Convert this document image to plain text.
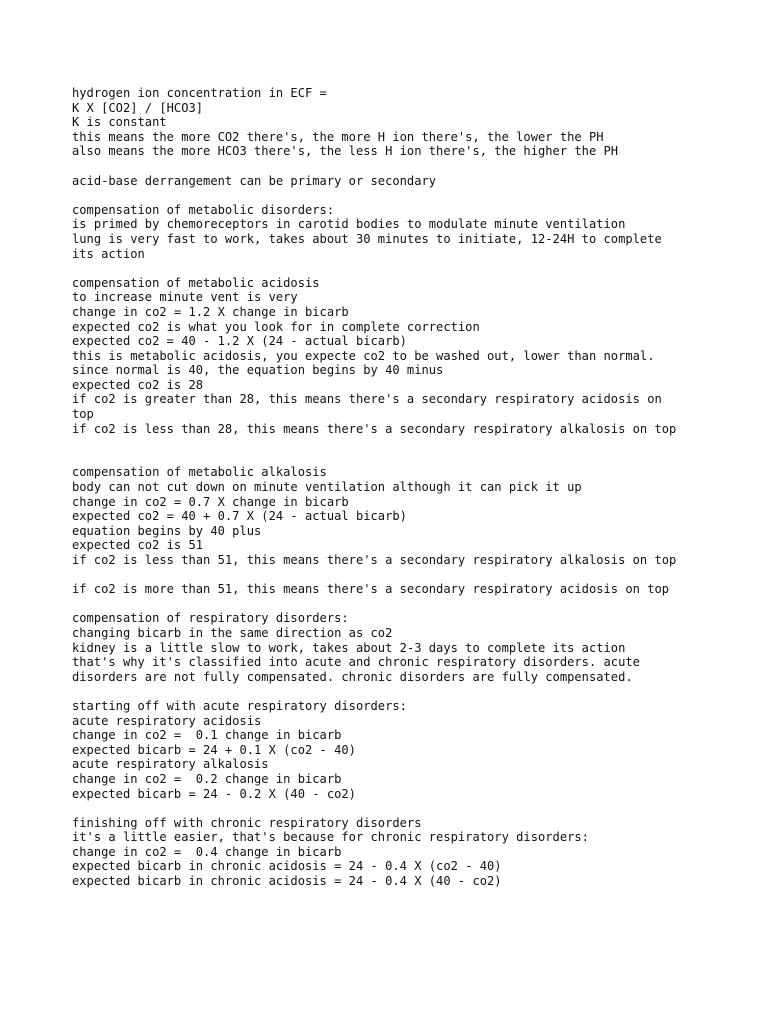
hydrogen ion concentration in ECF =
K X [CO2] / [HCO3]
K is constant
this means the more CO2 there's, the more H ion there's, the lower the PH
also means the more HCO3 there's, the less H ion there's, the higher the PH
acid-base derrangement can be primary or secondary
compensation of metabolic disorders:
is primed by chemoreceptors in carotid bodies to modulate minute ventilation
lung is very fast to work, takes about 30 minutes to initiate, 12-24H to complete
its action
compensation of metabolic acidosis
to increase minute vent is very
change in co2 = 1.2 X change in bicarb
expected co2 is what you look for in complete correction
expected co2 = 40 - 1.2 X (24 - actual bicarb)
this is metabolic acidosis, you expecte co2 to be washed out, lower than normal.
since normal is 40, the equation begins by 40 minus
expected co2 is 28
if co2 is greater than 28, this means there's a secondary respiratory acidosis on
top
if co2 is less than 28, this means there's a secondary respiratory alkalosis on top
compensation of metabolic alkalosis
body can not cut down on minute ventilation although it can pick it up
change in co2 = 0.7 X change in bicarb
expected co2 = 40 + 0.7 X (24 - actual bicarb)
equation begins by 40 plus
expected co2 is 51
if co2 is less than 51, this means there's a secondary respiratory alkalosis on top
if co2 is more than 51, this means there's a secondary respiratory acidosis on top
compensation of respiratory disorders:
changing bicarb in the same direction as co2
kidney is a little slow to work, takes about 2-3 days to complete its action
that's why it's classified into acute and chronic respiratory disorders. acute
disorders are not fully compensated. chronic disorders are fully compensated.
starting off with acute respiratory disorders:
acute respiratory acidosis
change in co2 =  0.1 change in bicarb
expected bicarb = 24 + 0.1 X (co2 - 40)
acute respiratory alkalosis
change in co2 =  0.2 change in bicarb
expected bicarb = 24 - 0.2 X (40 - co2)
finishing off with chronic respiratory disorders
it's a little easier, that's because for chronic respiratory disorders:
change in co2 =  0.4 change in bicarb
expected bicarb in chronic acidosis = 24 - 0.4 X (co2 - 40)
expected bicarb in chronic acidosis = 24 - 0.4 X (40 - co2)
